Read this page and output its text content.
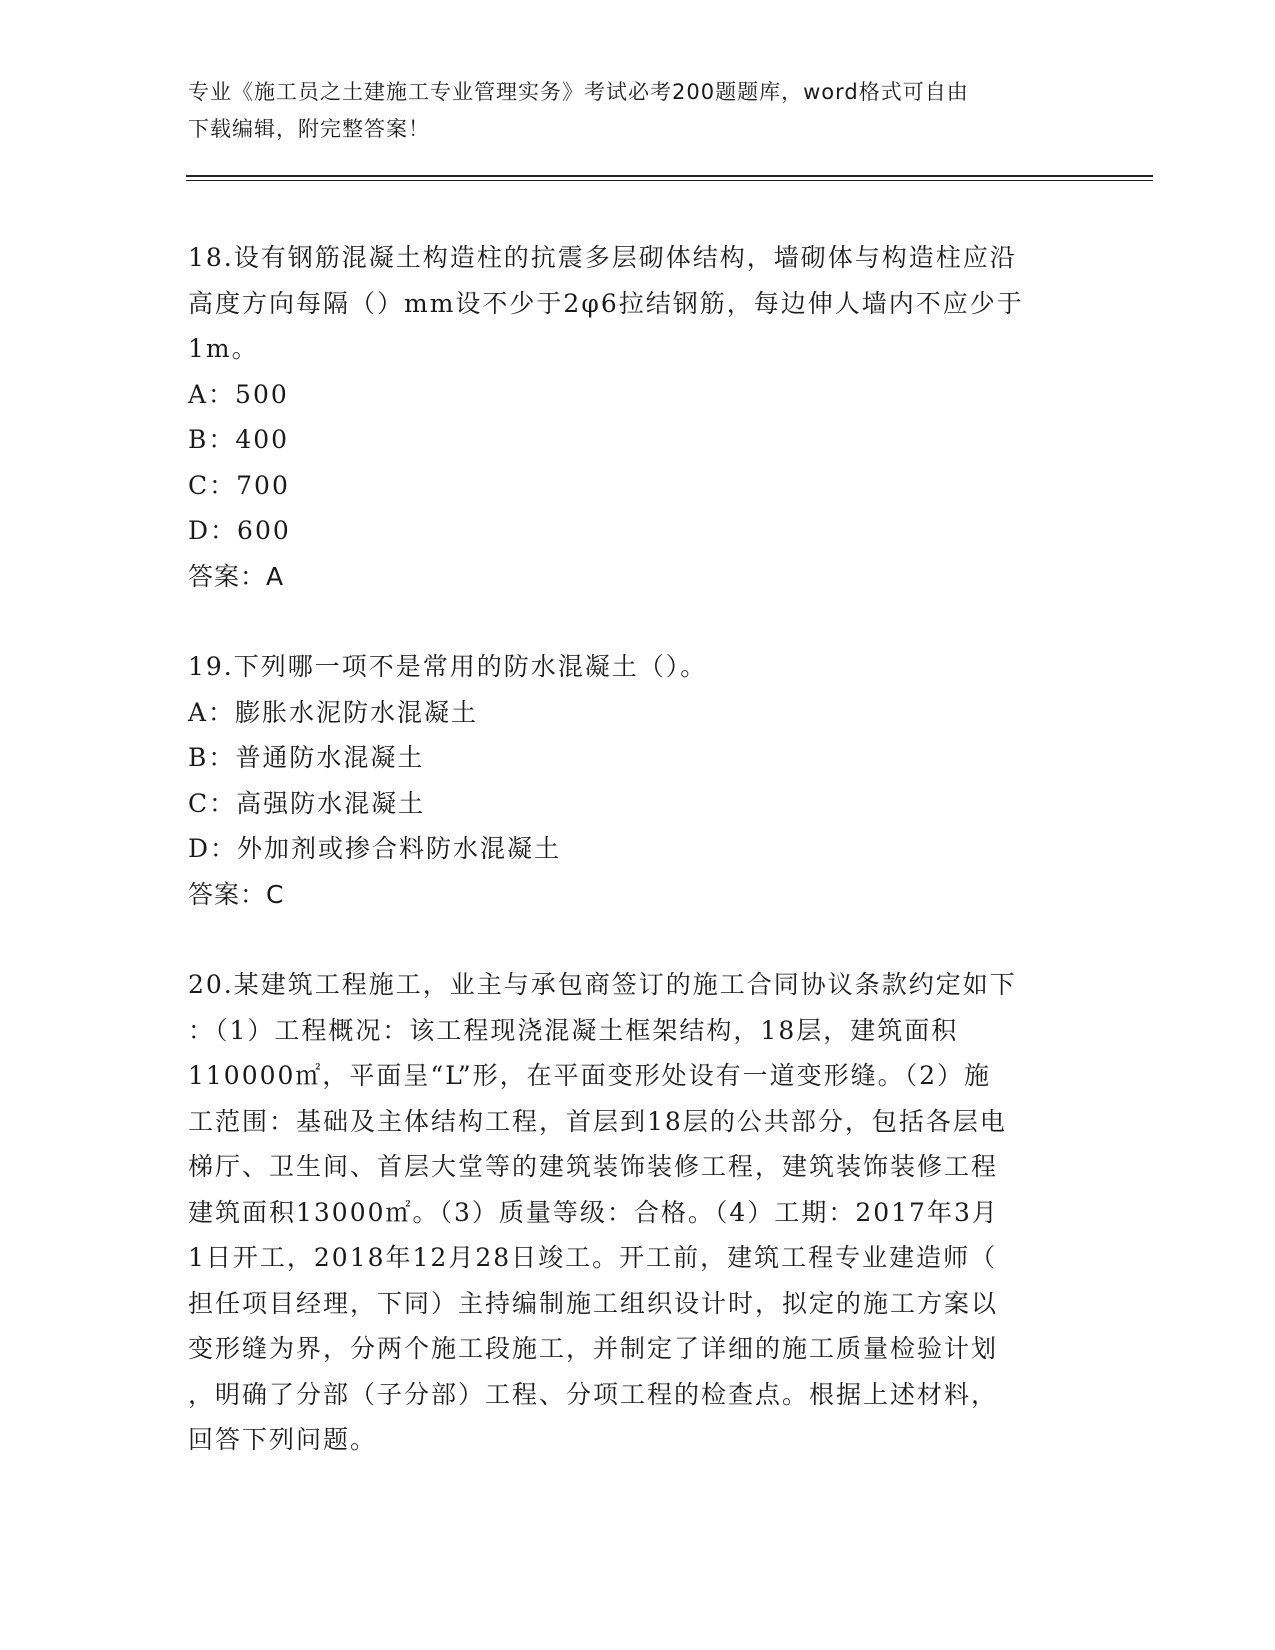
专业《施工员之土建施工专业管理实务》考试必考200题题库，word格式可自由
下载编辑，附完整答案！

18.设有钢筋混凝土构造柱的抗震多层砌体结构，墙砌体与构造柱应沿

高度方向每隔（）mm设不少于2φ6拉结钢筋，每边伸人墙内不应少于

1m。

A：500

B：400

C：700

D：600

答案：A

19.下列哪一项不是常用的防水混凝土（）。

A：膨胀水泥防水混凝土

B：普通防水混凝土

C：高强防水混凝土

D：外加剂或掺合料防水混凝土

答案：C

20.某建筑工程施工，业主与承包商签订的施工合同协议条款约定如下

：（1）工程概况：该工程现浇混凝土框架结构，18层，建筑面积

110000㎡，平面呈“L”形，在平面变形处设有一道变形缝。（2）施

工范围：基础及主体结构工程，首层到18层的公共部分，包括各层电

梯厅、卫生间、首层大堂等的建筑装饰装修工程，建筑装饰装修工程

建筑面积13000㎡。（3）质量等级：合格。（4）工期：2017年3月

1日开工，2018年12月28日竣工。开工前，建筑工程专业建造师（

担任项目经理，下同）主持编制施工组织设计时，拟定的施工方案以

变形缝为界，分两个施工段施工，并制定了详细的施工质量检验计划

，明确了分部（子分部）工程、分项工程的检查点。根据上述材料，

回答下列问题。
